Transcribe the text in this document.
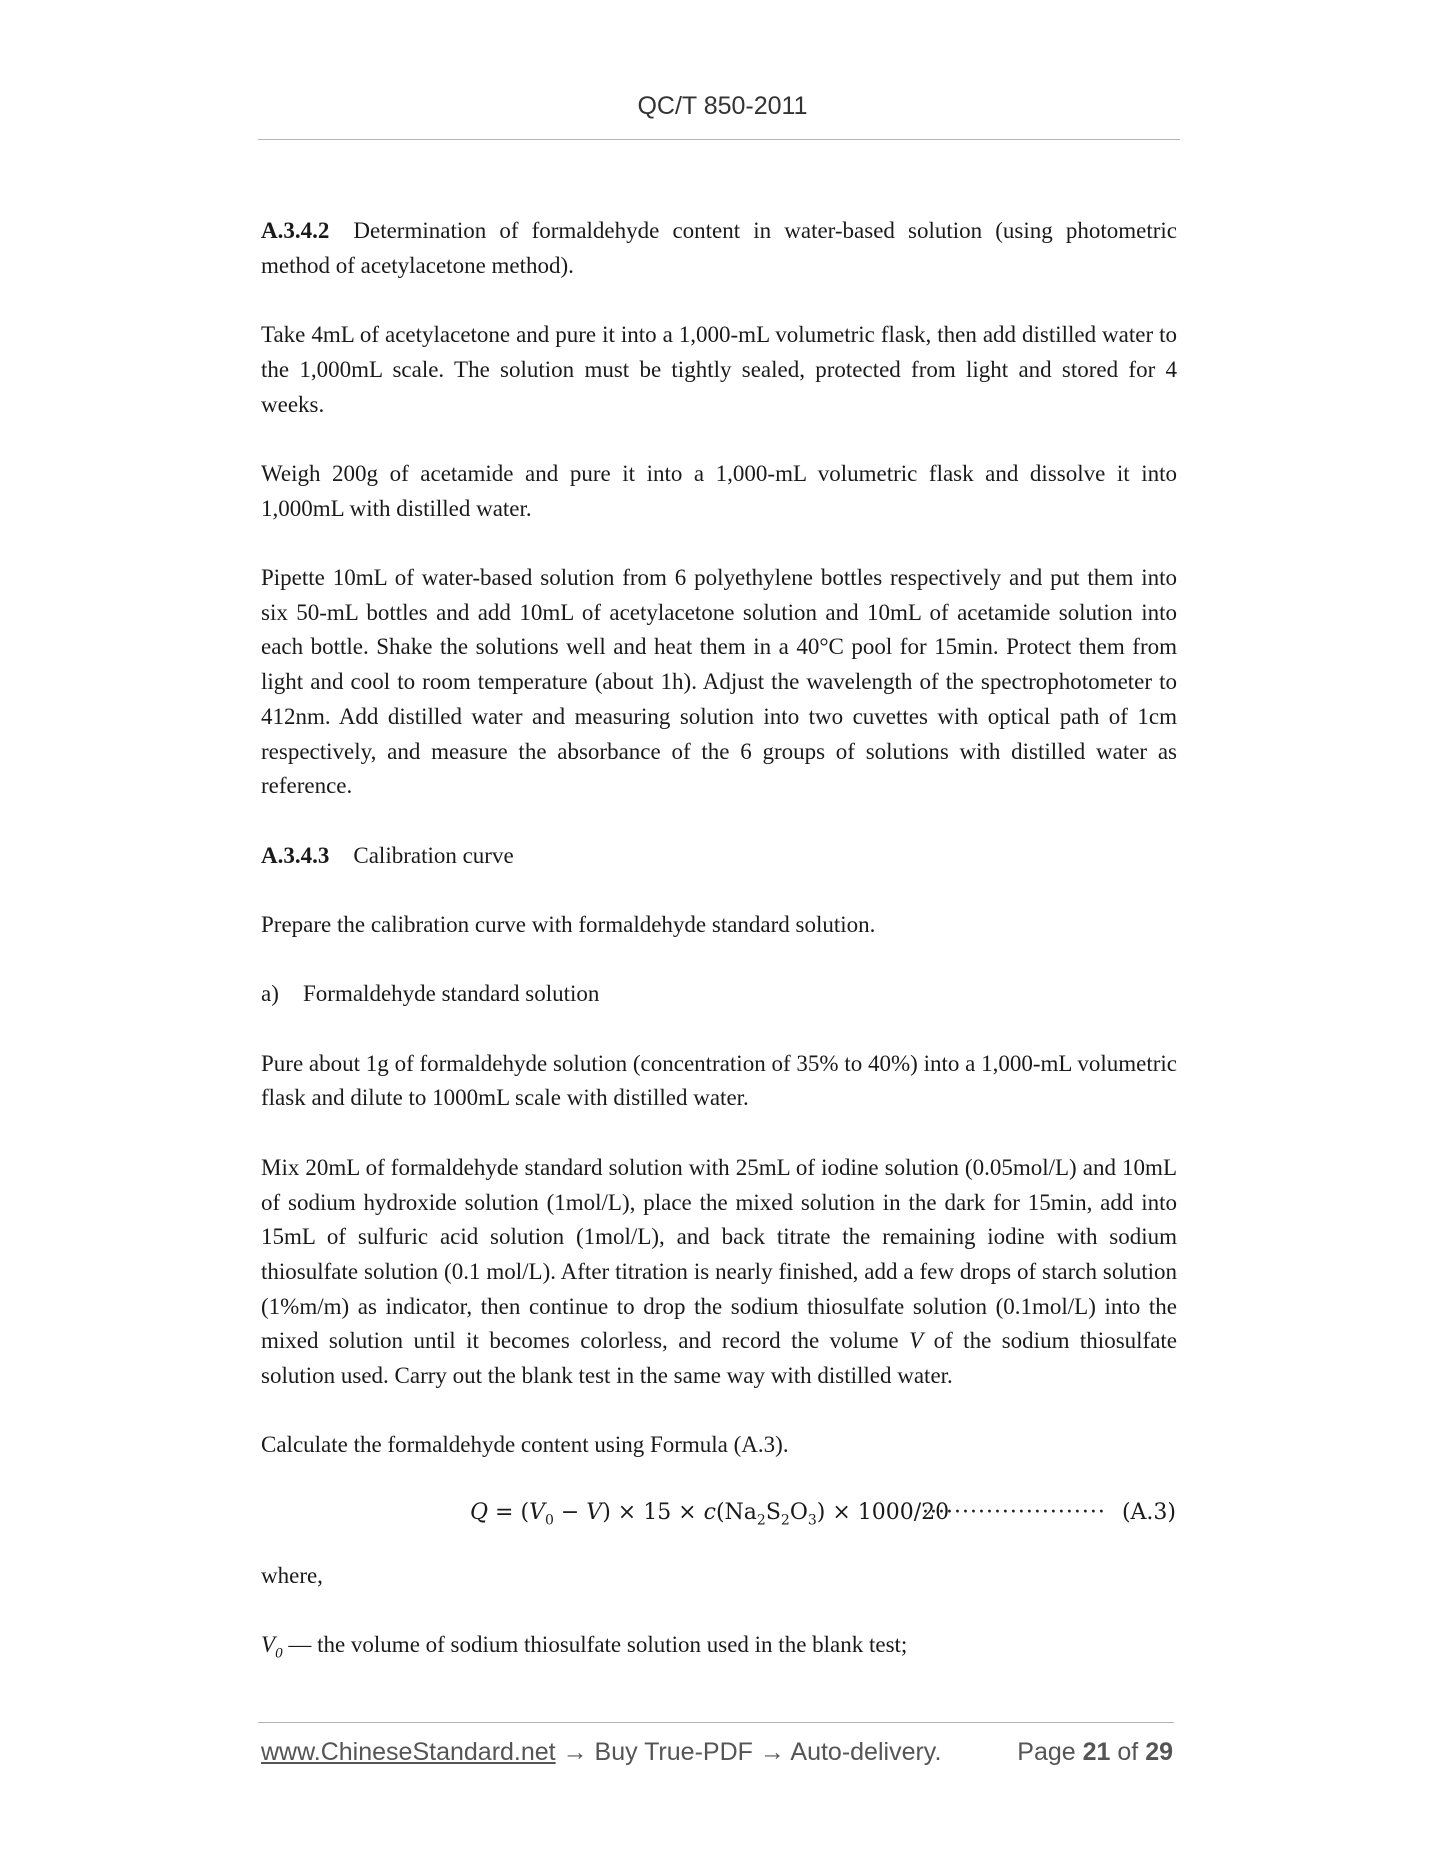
QC/T 850-2011

A.3.4.2 Determination of formaldehyde content in water-based solution (using photometric method of acetylacetone method).

Take 4mL of acetylacetone and pure it into a 1,000-mL volumetric flask, then add distilled water to the 1,000mL scale. The solution must be tightly sealed, protected from light and stored for 4 weeks.

Weigh 200g of acetamide and pure it into a 1,000-mL volumetric flask and dissolve it into 1,000mL with distilled water.

Pipette 10mL of water-based solution from 6 polyethylene bottles respectively and put them into six 50-mL bottles and add 10mL of acetylacetone solution and 10mL of acetamide solution into each bottle. Shake the solutions well and heat them in a 40°C pool for 15min. Protect them from light and cool to room temperature (about 1h). Adjust the wavelength of the spectrophotometer to 412nm. Add distilled water and measuring solution into two cuvettes with optical path of 1cm respectively, and measure the absorbance of the 6 groups of solutions with distilled water as reference.

A.3.4.3 Calibration curve

Prepare the calibration curve with formaldehyde standard solution.

a) Formaldehyde standard solution

Pure about 1g of formaldehyde solution (concentration of 35% to 40%) into a 1,000-mL volumetric flask and dilute to 1000mL scale with distilled water.

Mix 20mL of formaldehyde standard solution with 25mL of iodine solution (0.05mol/L) and 10mL of sodium hydroxide solution (1mol/L), place the mixed solution in the dark for 15min, add into 15mL of sulfuric acid solution (1mol/L), and back titrate the remaining iodine with sodium thiosulfate solution (0.1 mol/L). After titration is nearly finished, add a few drops of starch solution (1%m/m) as indicator, then continue to drop the sodium thiosulfate solution (0.1mol/L) into the mixed solution until it becomes colorless, and record the volume V of the sodium thiosulfate solution used. Carry out the blank test in the same way with distilled water.

Calculate the formaldehyde content using Formula (A.3).

$Q = (V_0 - V) \times 15 \times c(Na_2S_2O_3) \times 1000/20$
······················· (A.3)
where,
$V_0$ — the volume of sodium thiosulfate solution used in the blank test;
www.ChineseStandard.net → Buy True-PDF → Auto-delivery.	Page 21 of 29
